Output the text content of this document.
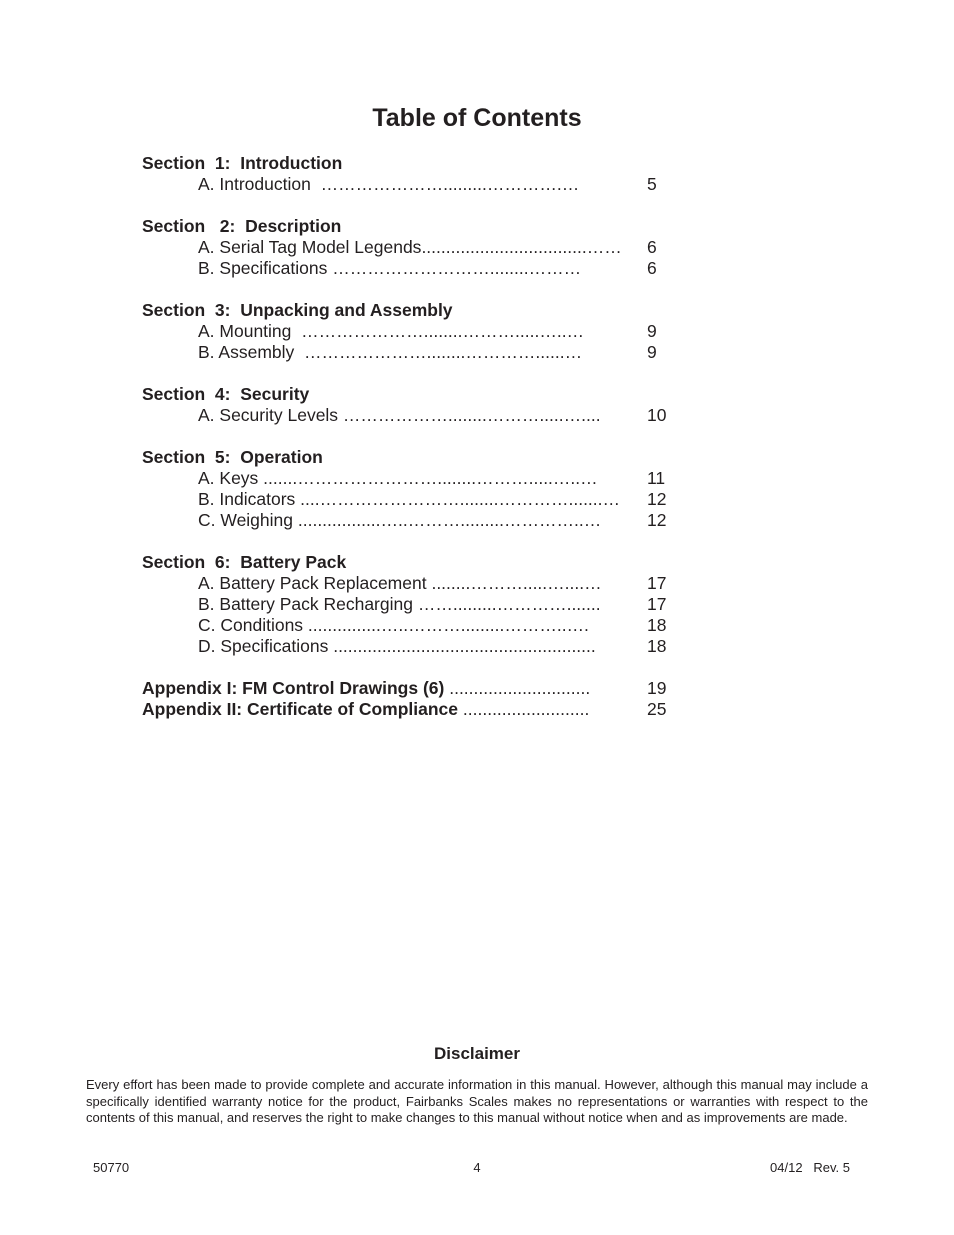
Table of Contents
Section  1:  Introduction
A. Introduction  ………………….........………….…	5
Section   2:  Description
A. Serial Tag Model Legends..................................…… 6
B. Specifications ………………………........………	6
Section  3:  Unpacking and Assembly
A. Mounting  …………………........……….....…..…	9
B. Assembly  …………………........…………......…	9
Section  4:  Security
A. Security Levels ………………........……….....…....	10
Section  5:  Operation
A. Keys .......……………………........……….....…..…	11
B. Indicators ....……………………........………….......… 12
C. Weighing .................…..……….........…………..…	12
Section  6:  Battery Pack
A. Battery Pack Replacement ........……….....…....…	17
B. Battery Pack Recharging …….........………….......	17
C. Conditions ...............…..……….........………..….	18
D. Specifications ......................................................	18
Appendix I: FM Control Drawings (6) .............................	19
Appendix II: Certificate of Compliance ..........................	25
Disclaimer
Every effort has been made to provide complete and accurate information in this manual. However, although this manual may include a specifically identified warranty notice for the product, Fairbanks Scales makes no representations or warranties with respect to the contents of this manual, and reserves the right to make changes to this manual without notice when and as improvements are made.
50770	4	04/12   Rev. 5
